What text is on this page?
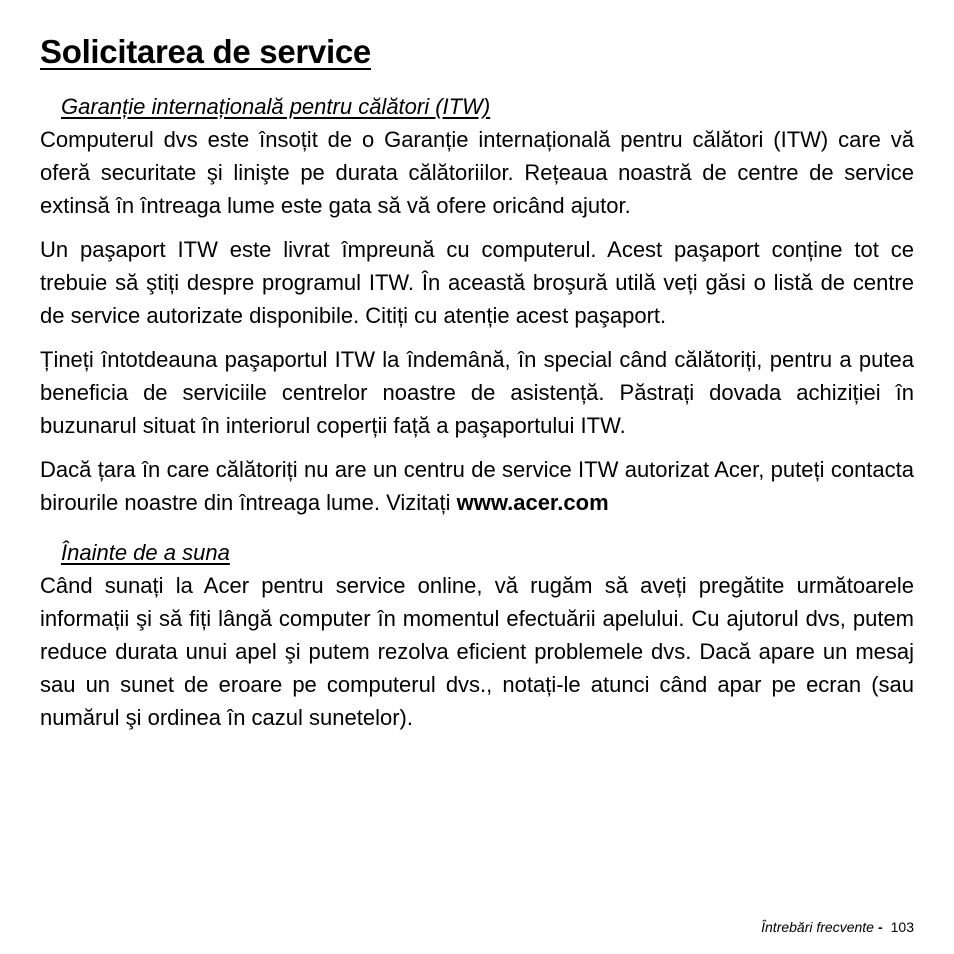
Solicitarea de service
Garanție internațională pentru călători (ITW)

Computerul dvs este însoțit de o Garanție internațională pentru călători (ITW) care vă oferă securitate şi linişte pe durata călătoriilor. Rețeaua noastră de centre de service extinsă în întreaga lume este gata să vă ofere oricând ajutor.

Un paşaport ITW este livrat împreună cu computerul. Acest paşaport conține tot ce trebuie să ştiți despre programul ITW. În această broşură utilă veți găsi o listă de centre de service autorizate disponibile. Citiți cu atenție acest paşaport.

Țineți întotdeauna paşaportul ITW la îndemână, în special când călătoriți, pentru a putea beneficia de serviciile centrelor noastre de asistență. Păstrați dovada achiziției în buzunarul situat în interiorul coperții față a paşaportului ITW.

Dacă țara în care călătoriți nu are un centru de service ITW autorizat Acer, puteți contacta birourile noastre din întreaga lume. Vizitați www.acer.com

Înainte de a suna

Când sunați la Acer pentru service online, vă rugăm să aveți pregătite următoarele informații şi să fiți lângă computer în momentul efectuării apelului. Cu ajutorul dvs, putem reduce durata unui apel şi putem rezolva eficient problemele dvs. Dacă apare un mesaj sau un sunet de eroare pe computerul dvs., notați-le atunci când apar pe ecran (sau numărul şi ordinea în cazul sunetelor).

Întrebări frecvente - 103
